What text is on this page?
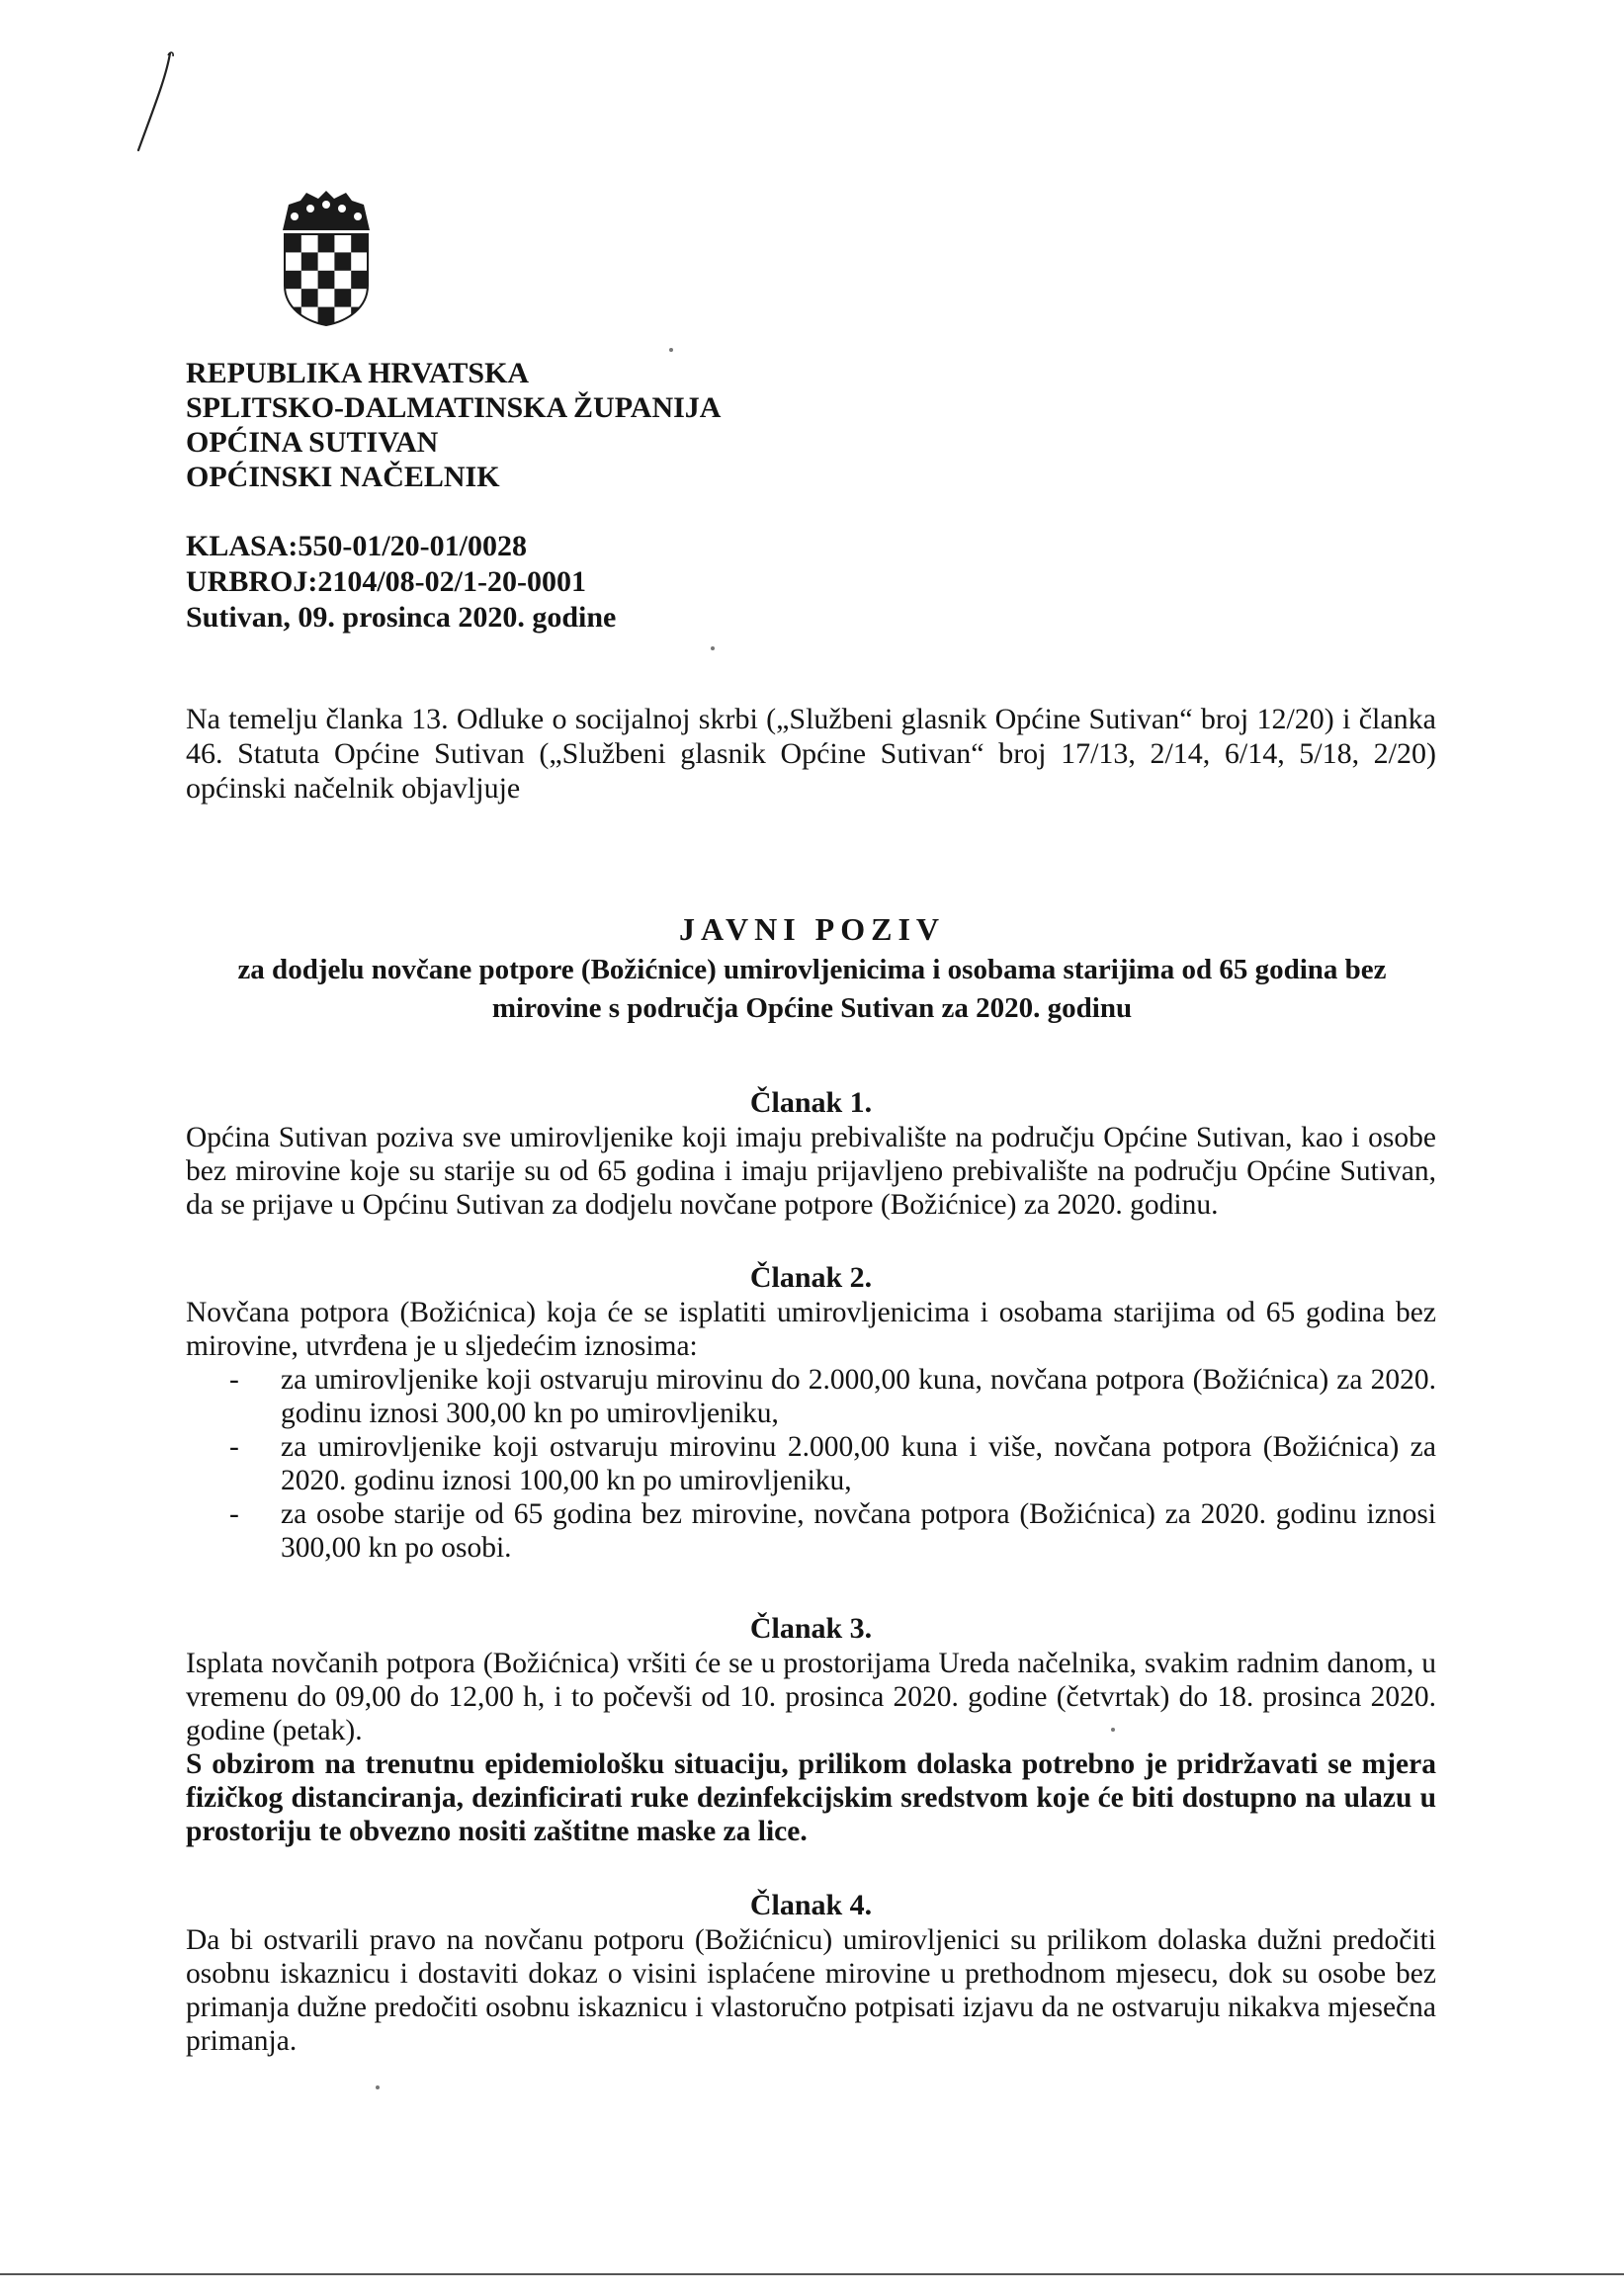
REPUBLIKA HRVATSKA
SPLITSKO-DALMATINSKA ŽUPANIJA
OPĆINA SUTIVAN
OPĆINSKI NAČELNIK
KLASA:550-01/20-01/0028
URBROJ:2104/08-02/1-20-0001
Sutivan, 09. prosinca 2020. godine
Na temelju članka 13. Odluke o socijalnoj skrbi („Službeni glasnik Općine Sutivan“ broj 12/20) i članka 46. Statuta Općine Sutivan („Službeni glasnik Općine Sutivan“ broj 17/13, 2/14, 6/14, 5/18, 2/20) općinski načelnik objavljuje
JAVNI POZIV
za dodjelu novčane potpore (Božićnice) umirovljenicima i osobama starijima od 65 godina bez
mirovine s područja Općine Sutivan za 2020. godinu
Članak 1.
Općina Sutivan poziva sve umirovljenike koji imaju prebivalište na području Općine Sutivan, kao i osobe bez mirovine koje su starije su od 65 godina i imaju prijavljeno prebivalište na području Općine Sutivan, da se prijave u Općinu Sutivan za dodjelu novčane potpore (Božićnice) za 2020. godinu.
Članak 2.
Novčana potpora (Božićnica) koja će se isplatiti umirovljenicima i osobama starijima od 65 godina bez mirovine, utvrđena je u sljedećim iznosima:
- za umirovljenike koji ostvaruju mirovinu do 2.000,00 kuna, novčana potpora (Božićnica) za 2020. godinu iznosi 300,00 kn po umirovljeniku,
- za umirovljenike koji ostvaruju mirovinu 2.000,00 kuna i više, novčana potpora (Božićnica) za 2020. godinu iznosi 100,00 kn po umirovljeniku,
- za osobe starije od 65 godina bez mirovine, novčana potpora (Božićnica) za 2020. godinu iznosi 300,00 kn po osobi.
Članak 3.
Isplata novčanih potpora (Božićnica) vršiti će se u prostorijama Ureda načelnika, svakim radnim danom, u vremenu do 09,00 do 12,00 h, i to počevši od 10. prosinca 2020. godine (četvrtak) do 18. prosinca 2020. godine (petak).
S obzirom na trenutnu epidemiološku situaciju, prilikom dolaska potrebno je pridržavati se mjera fizičkog distanciranja, dezinficirati ruke dezinfekcijskim sredstvom koje će biti dostupno na ulazu u prostoriju te obvezno nositi zaštitne maske za lice.
Članak 4.
Da bi ostvarili pravo na novčanu potporu (Božićnicu) umirovljenici su prilikom dolaska dužni predočiti osobnu iskaznicu i dostaviti dokaz o visini isplaćene mirovine u prethodnom mjesecu, dok su osobe bez primanja dužne predočiti osobnu iskaznicu i vlastoručno potpisati izjavu da ne ostvaruju nikakva mjesečna primanja.
